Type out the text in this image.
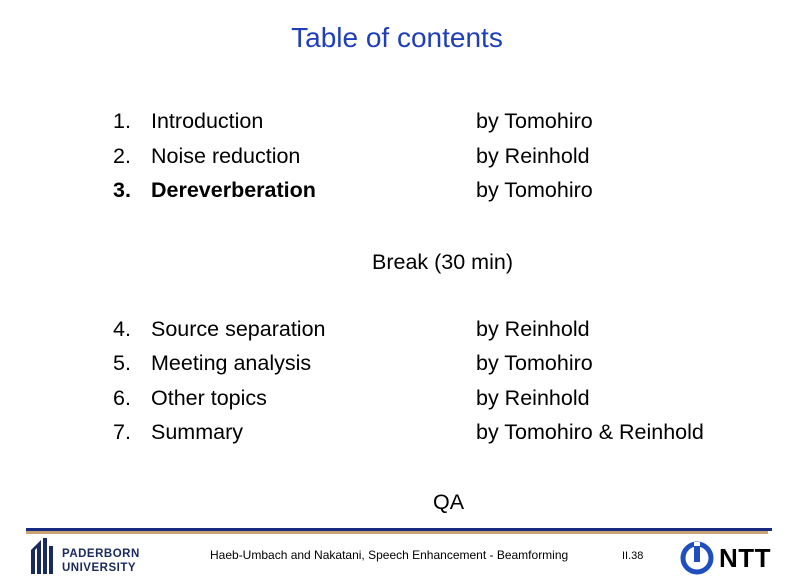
Table of contents
1. Introduction	by Tomohiro
2. Noise reduction	by Reinhold
3. Dereverberation	by Tomohiro
Break (30 min)
4. Source separation	by Reinhold
5. Meeting analysis	by Tomohiro
6. Other topics	by Reinhold
7. Summary	by Tomohiro & Reinhold
QA
PADERBORN
UNIVERSITY
Haeb-Umbach and Nakatani, Speech Enhancement - Beamforming	II.38	NTT
